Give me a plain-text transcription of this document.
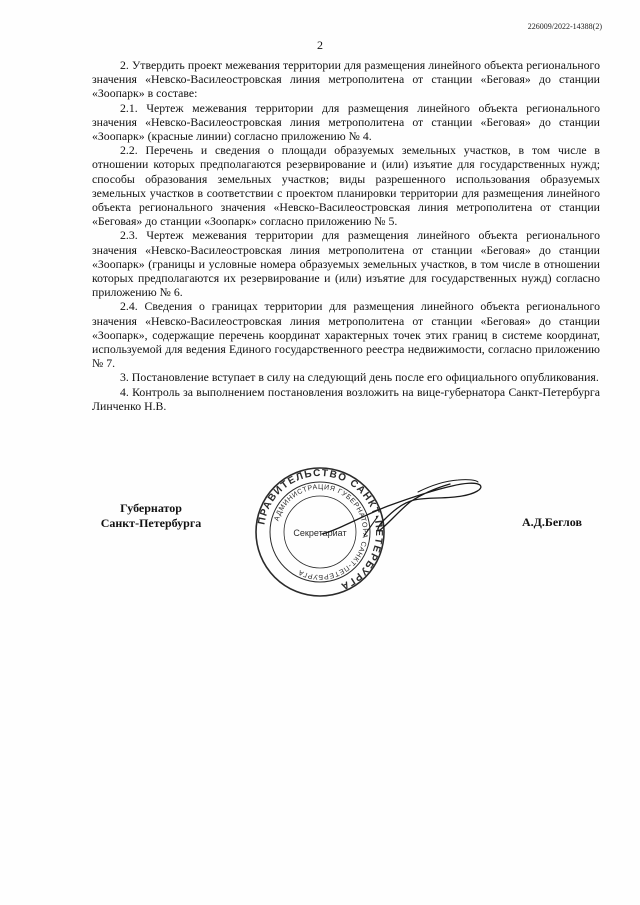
226009/2022-14388(2)
2

2. Утвердить проект межевания территории для размещения линейного объекта регионального значения «Невско-Василеостровская линия метрополитена от станции «Беговая» до станции «Зоопарк» в составе:

2.1. Чертеж межевания территории для размещения линейного объекта регионального значения «Невско-Василеостровская линия метрополитена от станции «Беговая» до станции «Зоопарк» (красные линии) согласно приложению № 4.

2.2. Перечень и сведения о площади образуемых земельных участков, в том числе в отношении которых предполагаются резервирование и (или) изъятие для государственных нужд; способы образования земельных участков; виды разрешенного использования образуемых земельных участков в соответствии с проектом планировки территории для размещения линейного объекта регионального значения «Невско-Василеостровская линия метрополитена от станции «Беговая» до станции «Зоопарк» согласно приложению № 5.

2.3. Чертеж межевания территории для размещения линейного объекта регионального значения «Невско-Василеостровская линия метрополитена от станции «Беговая» до станции «Зоопарк» (границы и условные номера образуемых земельных участков, в том числе в отношении которых предполагаются их резервирование и (или) изъятие для государственных нужд) согласно приложению № 6.

2.4. Сведения о границах территории для размещения линейного объекта регионального значения «Невско-Василеостровская линия метрополитена от станции «Беговая» до станции «Зоопарк», содержащие перечень координат характерных точек этих границ в системе координат, используемой для ведения Единого государственного реестра недвижимости, согласно приложению № 7.

3. Постановление вступает в силу на следующий день после его официального опубликования.

4. Контроль за выполнением постановления возложить на вице-губернатора Санкт-Петербурга Линченко Н.В.

Губернатор
Санкт-Петербурга	ПРАВИТЕЛЬСТВО САНКТ-ПЕТЕРБУРГА
АДМИНИСТРАЦИЯ ГУБЕРНАТОРА САНКТ-ПЕТЕРБУРГА
Секретариат
А.Д.Беглов
